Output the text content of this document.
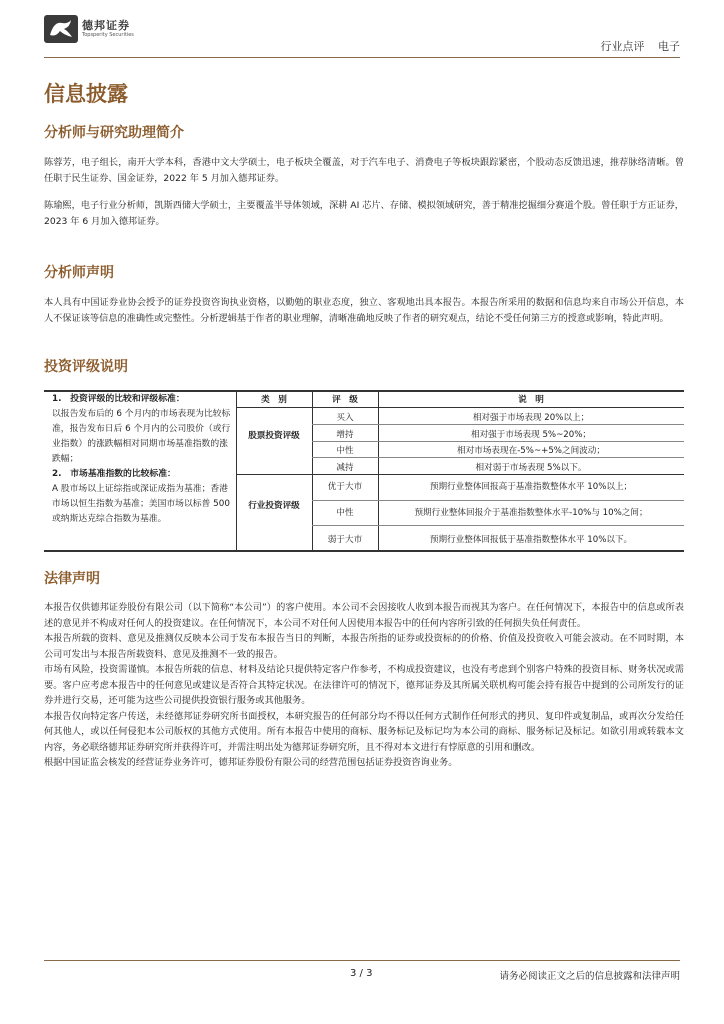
德邦证券
Topsperity Securities
行业点评 电子
信息披露
分析师与研究助理简介
陈蓉芳，电子组长，南开大学本科，香港中文大学硕士，电子板块全覆盖，对于汽车电子、消费电子等板块跟踪紧密，个股动态反馈迅速，推荐脉络清晰。曾任职于民生证券、国金证券，2022 年 5 月加入德邦证券。
陈瑜熙，电子行业分析师，凯斯西储大学硕士，主要覆盖半导体领域，深耕 AI 芯片、存储、模拟领域研究，善于精准挖掘细分赛道个股。曾任职于方正证券，2023 年 6 月加入德邦证券。
分析师声明
本人具有中国证券业协会授予的证券投资咨询执业资格，以勤勉的职业态度，独立、客观地出具本报告。本报告所采用的数据和信息均来自市场公开信息，本人不保证该等信息的准确性或完整性。分析逻辑基于作者的职业理解，清晰准确地反映了作者的研究观点，结论不受任何第三方的授意或影响，特此声明。
投资评级说明
1.　投资评级的比较和评级标准：
以报告发布后的 6 个月内的市场表现为比较标准，报告发布日后 6 个月内的公司股价（或行业指数）的涨跌幅相对同期市场基准指数的涨跌幅；
2.　市场基准指数的比较标准：
A 股市场以上证综指或深证成指为基准；香港市场以恒生指数为基准；美国市场以标普 500 或纳斯达克综合指数为基准。
类　别	评　级	说　明
股票投资评级
买入	相对强于市场表现 20%以上；
增持	相对强于市场表现 5%~20%；
中性	相对市场表现在-5%~+5%之间波动；
减持	相对弱于市场表现 5%以下。
行业投资评级
优于大市	预期行业整体回报高于基准指数整体水平 10%以上；
中性	预期行业整体回报介于基准指数整体水平-10%与 10%之间；
弱于大市	预期行业整体回报低于基准指数整体水平 10%以下。
法律声明
本报告仅供德邦证券股份有限公司（以下简称“本公司”）的客户使用。本公司不会因接收人收到本报告而视其为客户。在任何情况下，本报告中的信息或所表述的意见并不构成对任何人的投资建议。在任何情况下，本公司不对任何人因使用本报告中的任何内容所引致的任何损失负任何责任。
本报告所载的资料、意见及推测仅反映本公司于发布本报告当日的判断，本报告所指的证券或投资标的的价格、价值及投资收入可能会波动。在不同时期，本公司可发出与本报告所载资料、意见及推测不一致的报告。
市场有风险，投资需谨慎。本报告所载的信息、材料及结论只提供特定客户作参考，不构成投资建议，也没有考虑到个别客户特殊的投资目标、财务状况或需要。客户应考虑本报告中的任何意见或建议是否符合其特定状况。在法律许可的情况下，德邦证券及其所属关联机构可能会持有报告中提到的公司所发行的证券并进行交易，还可能为这些公司提供投资银行服务或其他服务。
本报告仅向特定客户传送，未经德邦证券研究所书面授权，本研究报告的任何部分均不得以任何方式制作任何形式的拷贝、复印件或复制品，或再次分发给任何其他人，或以任何侵犯本公司版权的其他方式使用。所有本报告中使用的商标、服务标记及标记均为本公司的商标、服务标记及标记。如欲引用或转载本文内容，务必联络德邦证券研究所并获得许可，并需注明出处为德邦证券研究所，且不得对本文进行有悖原意的引用和删改。
根据中国证监会核发的经营证券业务许可，德邦证券股份有限公司的经营范围包括证券投资咨询业务。
3 / 3	请务必阅读正文之后的信息披露和法律声明
